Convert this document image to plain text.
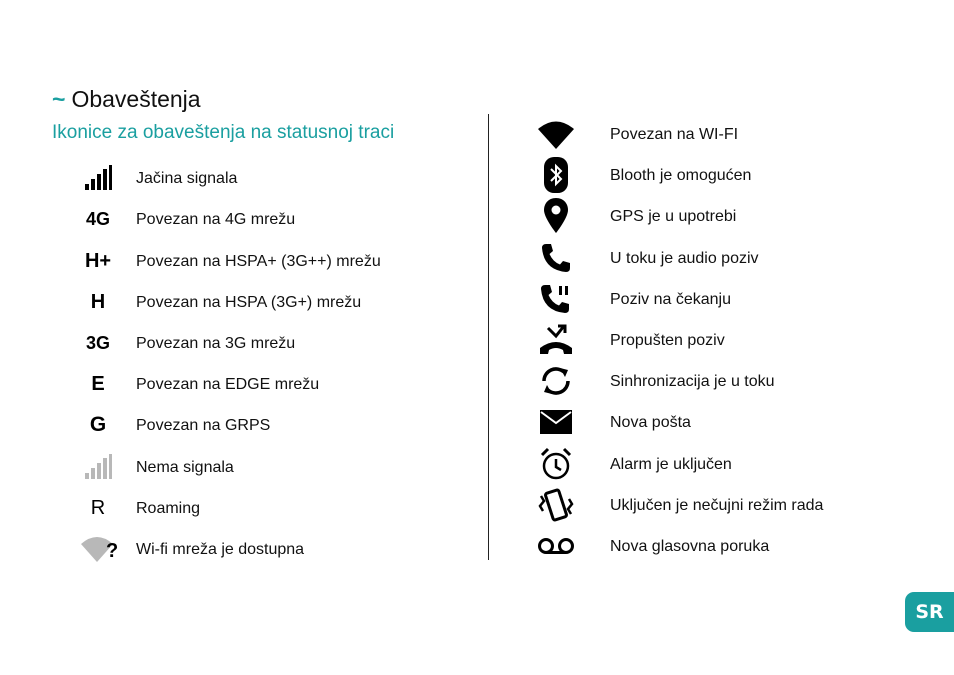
~ Obaveštenja
Ikonice za obaveštenja na statusnoj traci
Jačina signala
4G	Povezan na 4G mrežu
H+	Povezan na HSPA+ (3G++) mrežu
H	Povezan na HSPA (3G+) mrežu
3G	Povezan na 3G mrežu
E	Povezan na EDGE mrežu
G	Povezan na GRPS
Nema signala
R	Roaming
? Wi-fi mreža je dostupna
Povezan na WI-FI
Blooth je omogućen
GPS je u upotrebi
U toku je audio poziv
Poziv na čekanju
Propušten poziv
Sinhronizacija je u toku
Nova pošta
Alarm je uključen
Uključen je nečujni režim rada
Nova glasovna poruka
SR
